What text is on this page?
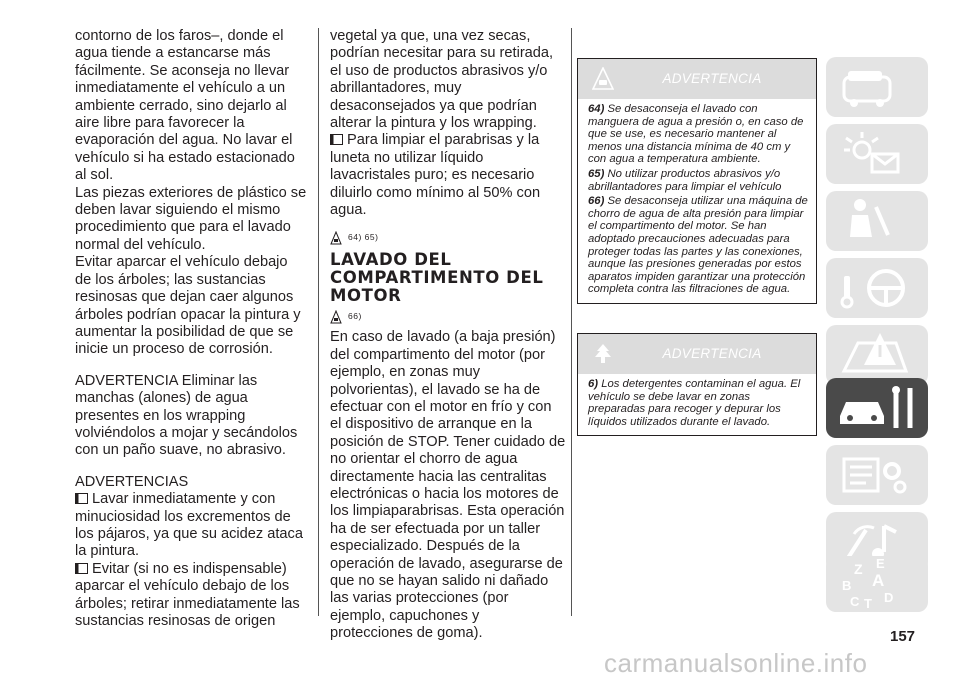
contorno de los faros–, donde el agua tiende a estancarse más fácilmente. Se aconseja no llevar inmediatamente el vehículo a un ambiente cerrado, sino dejarlo al aire libre para favorecer la evaporación del agua. No lavar el vehículo si ha estado estacionado al sol.

Las piezas exteriores de plástico se deben lavar siguiendo el mismo procedimiento que para el lavado normal del vehículo.

Evitar aparcar el vehículo debajo de los árboles; las sustancias resinosas que dejan caer algunos árboles podrían opacar la pintura y aumentar la posibilidad de que se inicie un proceso de corrosión.

ADVERTENCIA Eliminar las manchas (alones) de agua presentes en los wrapping volviéndolos a mojar y secándolos con un paño suave, no abrasivo.

ADVERTENCIAS

Lavar inmediatamente y con minuciosidad los excrementos de los pájaros, ya que su acidez ataca la pintura.

Evitar (si no es indispensable) aparcar el vehículo debajo de los árboles; retirar inmediatamente las sustancias resinosas de origen

vegetal ya que, una vez secas, podrían necesitar para su retirada, el uso de productos abrasivos y/o abrillantadores, muy desaconsejados ya que podrían alterar la pintura y los wrapping.

Para limpiar el parabrisas y la luneta no utilizar líquido lavacristales puro; es necesario diluirlo como mínimo al 50% con agua.

64) 65)
LAVADO DEL COMPARTIMENTO DEL MOTOR
66)

En caso de lavado (a baja presión) del compartimento del motor (por ejemplo, en zonas muy polvorientas), el lavado se ha de efectuar con el motor en frío y con el dispositivo de arranque en la posición de STOP. Tener cuidado de no orientar el chorro de agua directamente hacia las centralitas electrónicas o hacia los motores de los limpiaparabrisas. Esta operación ha de ser efectuada por un taller especializado. Después de la operación de lavado, asegurarse de que no se hayan salido ni dañado las varias protecciones (por ejemplo, capuchones y protecciones de goma).

ADVERTENCIA

64) Se desaconseja el lavado con manguera de agua a presión o, en caso de que se use, es necesario mantener al menos una distancia mínima de 40 cm y con agua a temperatura ambiente.

65) No utilizar productos abrasivos y/o abrillantadores para limpiar el vehículo

66) Se desaconseja utilizar una máquina de chorro de agua de alta presión para limpiar el compartimento del motor. Se han adoptado precauciones adecuadas para proteger todas las partes y las conexiones, aunque las presiones generadas por estos aparatos impiden garantizar una protección completa contra las filtraciones de agua.

ADVERTENCIA

6) Los detergentes contaminan el agua. El vehículo se debe lavar en zonas preparadas para recoger y depurar los líquidos utilizados durante el lavado.

Z E
B A
C T D
157
carmanualsonline.info
